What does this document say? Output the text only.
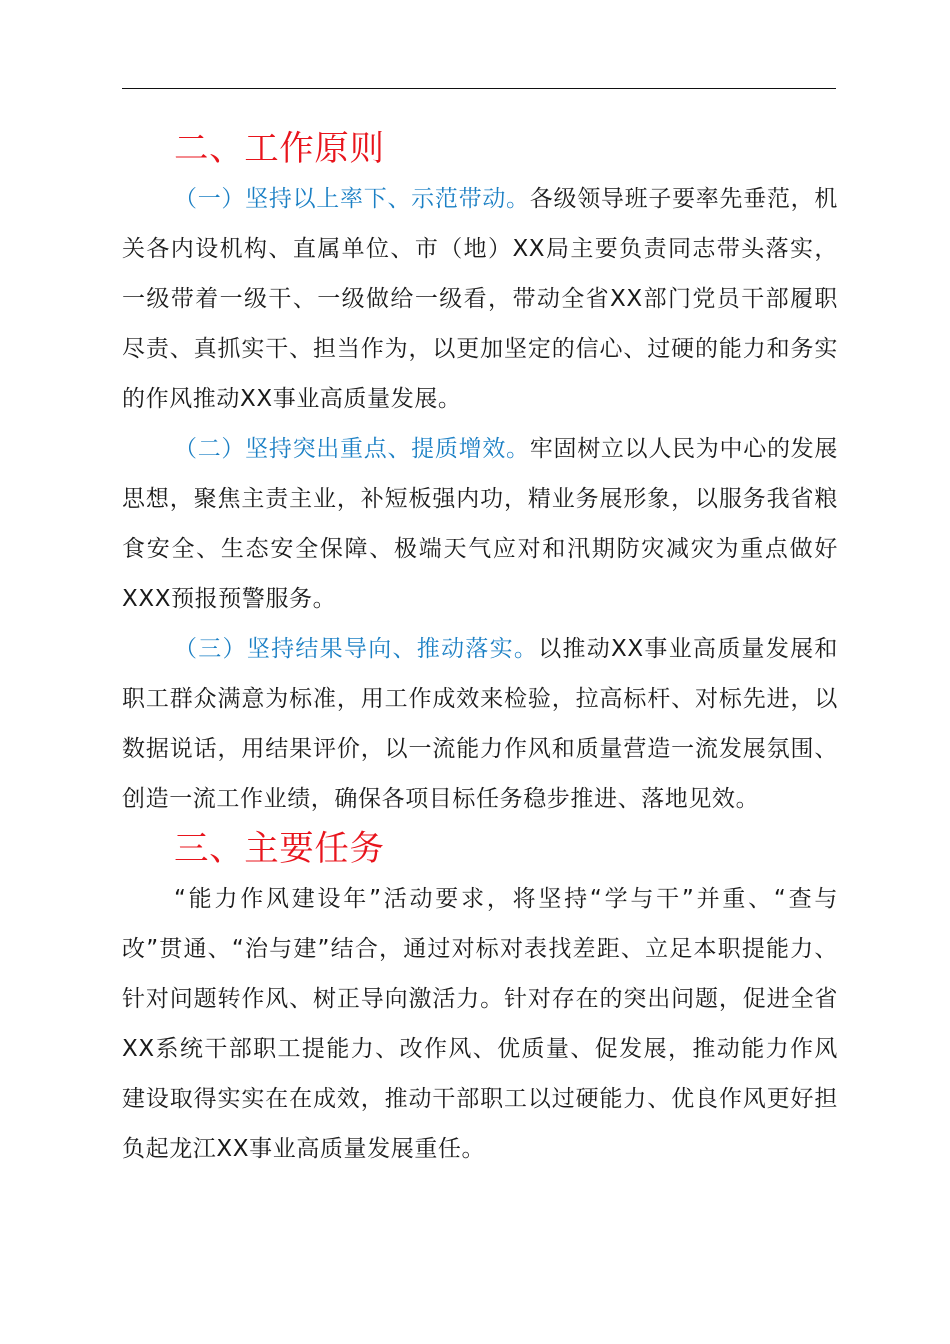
二、工作原则

（一）坚持以上率下、示范带动。各级领导班子要率先垂范，机关各内设机构、直属单位、市（地）XX局主要负责同志带头落实，一级带着一级干、一级做给一级看，带动全省XX部门党员干部履职尽责、真抓实干、担当作为，以更加坚定的信心、过硬的能力和务实的作风推动XX事业高质量发展。

（二）坚持突出重点、提质增效。牢固树立以人民为中心的发展思想，聚焦主责主业，补短板强内功，精业务展形象，以服务我省粮食安全、生态安全保障、极端天气应对和汛期防灾减灾为重点做好XXX预报预警服务。

（三）坚持结果导向、推动落实。以推动XX事业高质量发展和职工群众满意为标准，用工作成效来检验，拉高标杆、对标先进，以数据说话，用结果评价，以一流能力作风和质量营造一流发展氛围、创造一流工作业绩，确保各项目标任务稳步推进、落地见效。

三、主要任务

“能力作风建设年”活动要求，将坚持“学与干”并重、“查与改”贯通、“治与建”结合，通过对标对表找差距、立足本职提能力、针对问题转作风、树正导向激活力。针对存在的突出问题，促进全省XX系统干部职工提能力、改作风、优质量、促发展，推动能力作风建设取得实实在在成效，推动干部职工以过硬能力、优良作风更好担负起龙江XX事业高质量发展重任。
